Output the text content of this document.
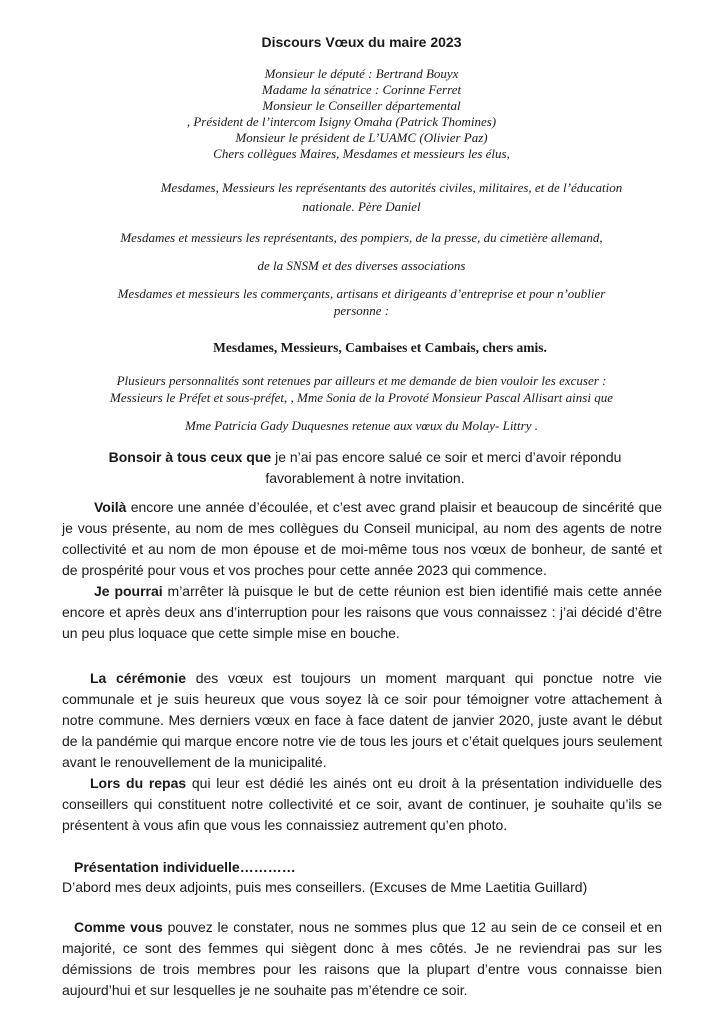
Discours Vœux du maire 2023
Monsieur le député : Bertrand Bouyx
Madame la sénatrice : Corinne Ferret
Monsieur le Conseiller départemental
, Président de l’intercom Isigny Omaha (Patrick Thomines)
Monsieur le président de L’UAMC (Olivier Paz)
Chers collègues Maires, Mesdames et messieurs les élus,
Mesdames, Messieurs les représentants des autorités civiles, militaires, et de l’éducation
nationale. Père Daniel
Mesdames et messieurs les représentants, des pompiers, de la presse, du cimetière allemand,
de la SNSM et des diverses associations
Mesdames et messieurs les commerçants, artisans et dirigeants d’entreprise et pour n’oublier
personne :
Mesdames, Messieurs, Cambaises et Cambais, chers amis.
Plusieurs personnalités sont retenues par ailleurs et me demande de bien vouloir les excuser :
Messieurs le Préfet et sous-préfet, , Mme Sonia de la Provoté Monsieur Pascal Allisart ainsi que
Mme Patricia Gady Duquesnes retenue aux vœux du Molay- Littry .
Bonsoir à tous ceux que je n’ai pas encore salué ce soir et merci d’avoir répondu favorablement à notre invitation.
Voilà encore une année d’écoulée, et c’est avec grand plaisir et beaucoup de sincérité que je vous présente, au nom de mes collègues du Conseil municipal, au nom des agents de notre collectivité et au nom de mon épouse et de moi-même tous nos vœux de bonheur, de santé et de prospérité pour vous et vos proches pour cette année 2023 qui commence.
Je pourrai m’arrêter là puisque le but de cette réunion est bien identifié mais cette année encore et après deux ans d’interruption pour les raisons que vous connaissez : j’ai décidé d’être un peu plus loquace que cette simple mise en bouche.
La cérémonie des vœux est toujours un moment marquant qui ponctue notre vie communale et je suis heureux que vous soyez là ce soir pour témoigner votre attachement à notre commune. Mes derniers vœux en face à face datent de janvier 2020, juste avant le début de la pandémie qui marque encore notre vie de tous les jours et c’était quelques jours seulement avant le renouvellement de la municipalité.
Lors du repas qui leur est dédié les ainés ont eu droit à la présentation individuelle des conseillers qui constituent notre collectivité et ce soir, avant de continuer, je souhaite qu’ils se présentent à vous afin que vous les connaissiez autrement qu’en photo.
Présentation individuelle…………
D’abord mes deux adjoints, puis mes conseillers. (Excuses de Mme Laetitia Guillard)
Comme vous pouvez le constater, nous ne sommes plus que 12 au sein de ce conseil et en majorité, ce sont des femmes qui siègent donc à mes côtés. Je ne reviendrai pas sur les démissions de trois membres pour les raisons que la plupart d’entre vous connaisse bien aujourd’hui et sur lesquelles je ne souhaite pas m’étendre ce soir.
